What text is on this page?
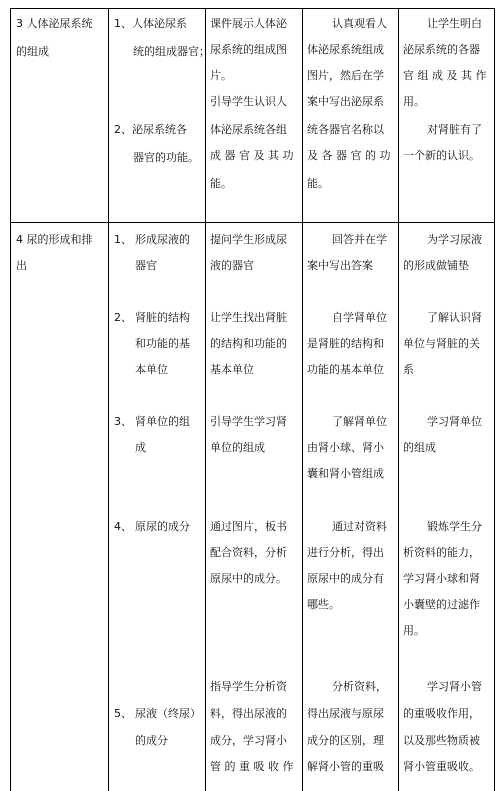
3 人体泌尿系统
的组成
1、人体泌尿系
统的组成器官；
2、泌尿系统各
器官的功能。
课件展示人体泌
尿系统的组成图
片。
引导学生认识人
体泌尿系统各组
成 器 官 及 其 功
能。
认真观看人
体泌尿系统组成
图片，然后在学
案中写出泌尿系
统各器官名称以
及 各 器 官 的 功
能。
让学生明白
泌尿系统的各器
官 组 成 及 其 作
用。
对肾脏有了
一个新的认识。
4 尿的形成和排
出
1、 形成尿液的
器官
提问学生形成尿
液的器官
回答并在学
案中写出答案
为学习尿液
的形成做铺垫
2、 肾脏的结构
和功能的基
本单位
让学生找出肾脏
的结构和功能的
基本单位
自学肾单位
是肾脏的结构和
功能的基本单位
了解认识肾
单位与肾脏的关
系
3、 肾单位的组
成
引导学生学习肾
单位的组成
了解肾单位
由肾小球、肾小
囊和肾小管组成
学习肾单位
的组成
4、 原尿的成分 通过图片，板书
配合资料，分析
原尿中的成分。
通过对资料
进行分析，得出
原尿中的成分有
哪些。
锻炼学生分
析资料的能力，
学习肾小球和肾
小囊壁的过滤作
用。
指导学生分析资
5、 尿液（终尿）
的成分
料，得出尿液的
成分，学习肾小
管 的 重 吸 收 作
分析资料，
得出尿液与原尿
成分的区别，理
解肾小管的重吸
学习肾小管
的重吸收作用，
以及那些物质被
肾小管重吸收。
